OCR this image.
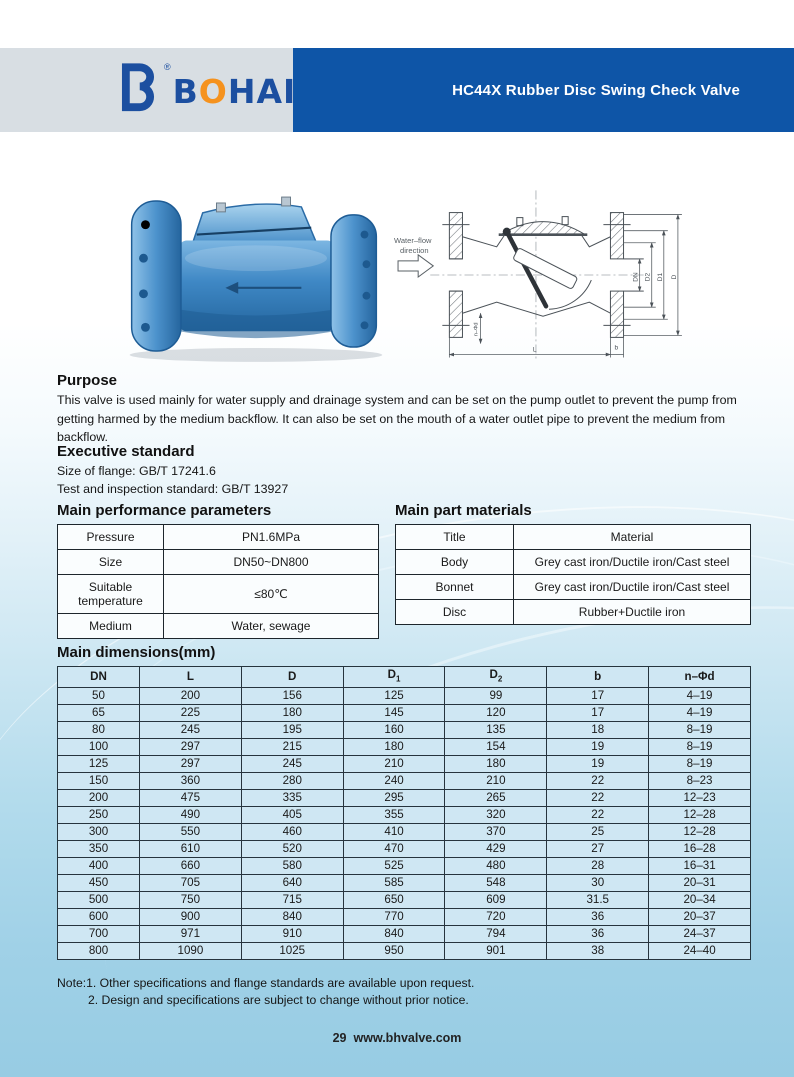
®
BOHAI	HC44X Rubber Disc Swing Check Valve
L	b
DN D2 D1 D
n–Φd
Water–flow
direction
Purpose
This valve is used mainly for water supply and drainage system and can be set on the pump outlet to prevent the pump from getting harmed by the medium backflow. It can also be set on the mouth of a water outlet pipe to prevent the medium from backflow.
Executive standard
Size of flange: GB/T 17241.6
Test and inspection standard: GB/T 13927
Main performance parameters
Pressure	PN1.6MPa
Size	DN50~DN800
Suitable temperature	≤80℃
Medium	Water, sewage
Main part materials
Title	Material
Body	Grey cast iron/Ductile iron/Cast steel
Bonnet	Grey cast iron/Ductile iron/Cast steel
Disc	Rubber+Ductile iron
Main dimensions(mm)
DN	L	D	$D_1$	$D_2$	b	n–Φd
50	200	156	125	99	17	4–19
65	225	180	145	120	17	4–19
80	245	195	160	135	18	8–19
100	297	215	180	154	19	8–19
125	297	245	210	180	19	8–19
150	360	280	240	210	22	8–23
200	475	335	295	265	22	12–23
250	490	405	355	320	22	12–28
300	550	460	410	370	25	12–28
350	610	520	470	429	27	16–28
400	660	580	525	480	28	16–31
450	705	640	585	548	30	20–31
500	750	715	650	609	31.5	20–34
600	900	840	770	720	36	20–37
700	971	910	840	794	36	24–37
800	1090	1025	950	901	38	24–40
Note:1. Other specifications and flange standards are available upon request.
2. Design and specifications are subject to change without prior notice.
29 www.bhvalve.com
